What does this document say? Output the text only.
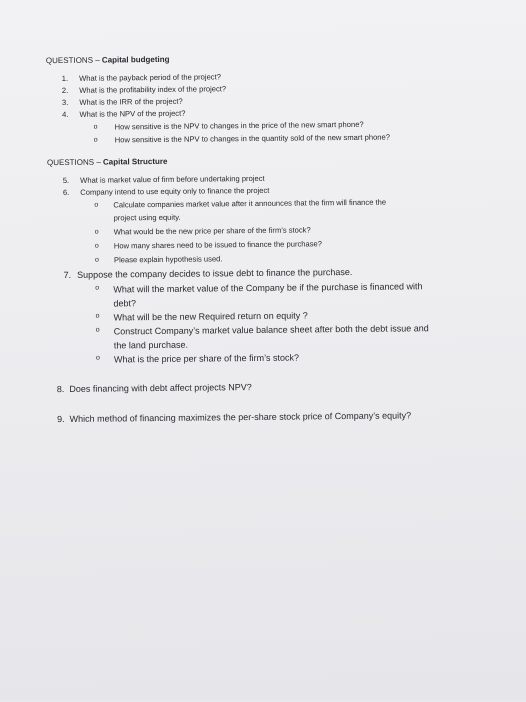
QUESTIONS – Capital budgeting
1. What is the payback period of the project?
2. What is the profitability index of the project?
3. What is the IRR of the project?
4. What is the NPV of the project?
o How sensitive is the NPV to changes in the price of the new smart phone?
o How sensitive is the NPV to changes in the quantity sold of the new smart phone?
QUESTIONS – Capital Structure
5. What is market value of firm before undertaking project
6. Company intend to use equity only to finance the project
o Calculate companies market value after it announces that the firm will finance the
project using equity.
o What would be the new price per share of the firm’s stock?
o How many shares need to be issued to finance the purchase?
o Please explain hypothesis used.
7. Suppose the company decides to issue debt to finance the purchase.
o What will the market value of the Company be if the purchase is financed with
debt?
o What will be the new Required return on equity ?
o Construct Company’s market value balance sheet after both the debt issue and
the land purchase.
o What is the price per share of the firm’s stock?
8. Does financing with debt affect projects NPV?
9. Which method of financing maximizes the per-share stock price of Company’s equity?
